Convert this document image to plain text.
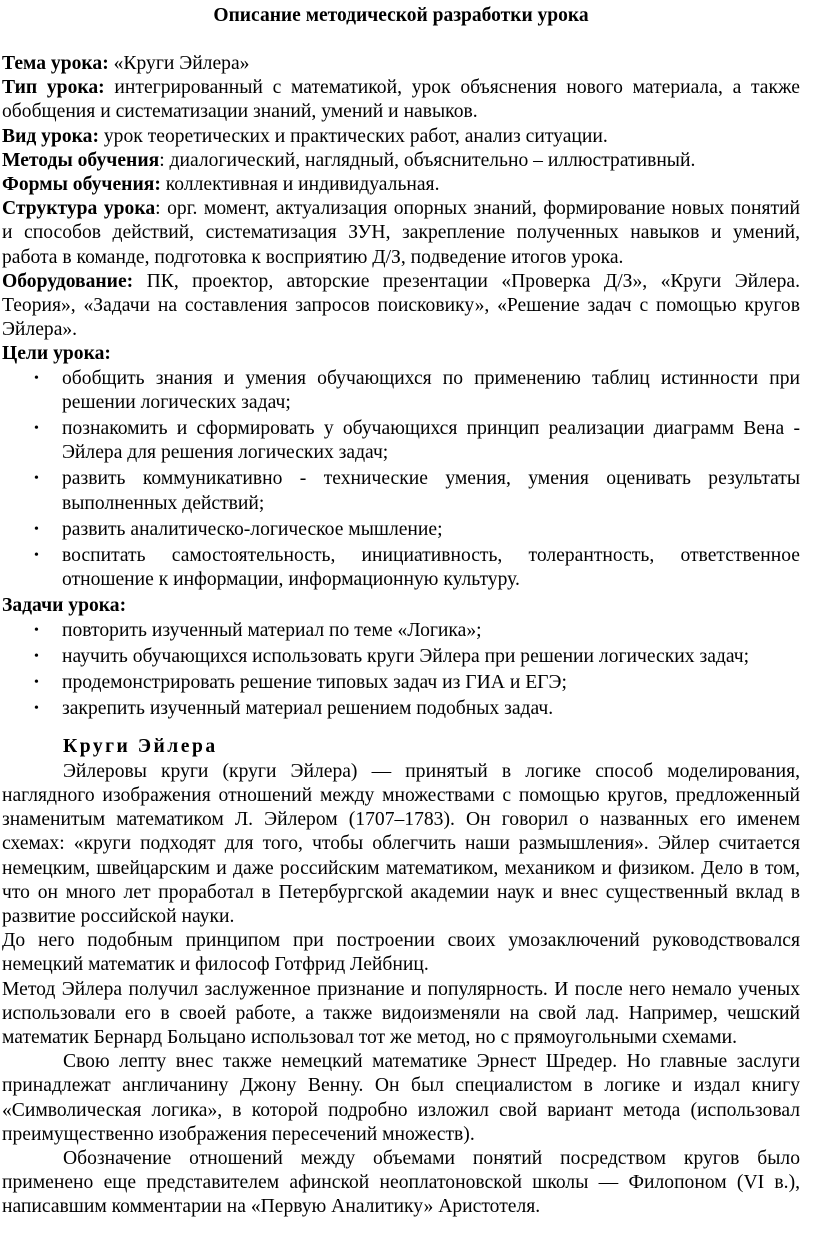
Описание методической разработки урока

Тема урока: «Круги Эйлера»

Тип урока: интегрированный с математикой, урок объяснения нового материала, а также обобщения и систематизации знаний, умений и навыков.

Вид урока: урок теоретических и практических работ, анализ ситуации.

Методы обучения: диалогический, наглядный, объяснительно – иллюстративный.

Формы обучения: коллективная и индивидуальная.

Структура урока: орг. момент, актуализация опорных знаний, формирование новых понятий и способов действий, систематизация ЗУН, закрепление полученных навыков и умений, работа в команде, подготовка к восприятию Д/З, подведение итогов урока.

Оборудование: ПК, проектор, авторские презентации «Проверка Д/З», «Круги Эйлера. Теория», «Задачи на составления запросов поисковику», «Решение задач с помощью кругов Эйлера».

Цели урока:

• обобщить знания и умения обучающихся по применению таблиц истинности при решении логических задач;
• познакомить и сформировать у обучающихся принцип реализации диаграмм Вена - Эйлера для решения логических задач;
• развить коммуникативно - технические умения, умения оценивать результаты выполненных действий;
• развить аналитическо-логическое мышление;
• воспитать самостоятельность, инициативность, толерантность, ответственное отношение к информации, информационную культуру.

Задачи урока:

• повторить изученный материал по теме «Логика»;
• научить обучающихся использовать круги Эйлера при решении логических задач;
• продемонстрировать решение типовых задач из ГИА и ЕГЭ;
• закрепить изученный материал решением подобных задач.

Круги Эйлера

Эйлеровы круги (круги Эйлера) — принятый в логике способ моделирования, наглядного изображения отношений между множествами с помощью кругов, предложенный знаменитым математиком Л. Эйлером (1707–1783). Он говорил о названных его именем схемах: «круги подходят для того, чтобы облегчить наши размышления». Эйлер считается немецким, швейцарским и даже российским математиком, механиком и физиком. Дело в том, что он много лет проработал в Петербургской академии наук и внес существенный вклад в развитие российской науки.

До него подобным принципом при построении своих умозаключений руководствовался немецкий математик и философ Готфрид Лейбниц.

Метод Эйлера получил заслуженное признание и популярность. И после него немало ученых использовали его в своей работе, а также видоизменяли на свой лад. Например, чешский математик Бернард Больцано использовал тот же метод, но с прямоугольными схемами.

Свою лепту внес также немецкий математике Эрнест Шредер. Но главные заслуги принадлежат англичанину Джону Венну. Он был специалистом в логике и издал книгу «Символическая логика», в которой подробно изложил свой вариант метода (использовал преимущественно изображения пересечений множеств).

Обозначение отношений между объемами понятий посредством кругов было применено еще представителем афинской неоплатоновской школы — Филопоном (VI в.), написавшим комментарии на «Первую Аналитику» Аристотеля.
